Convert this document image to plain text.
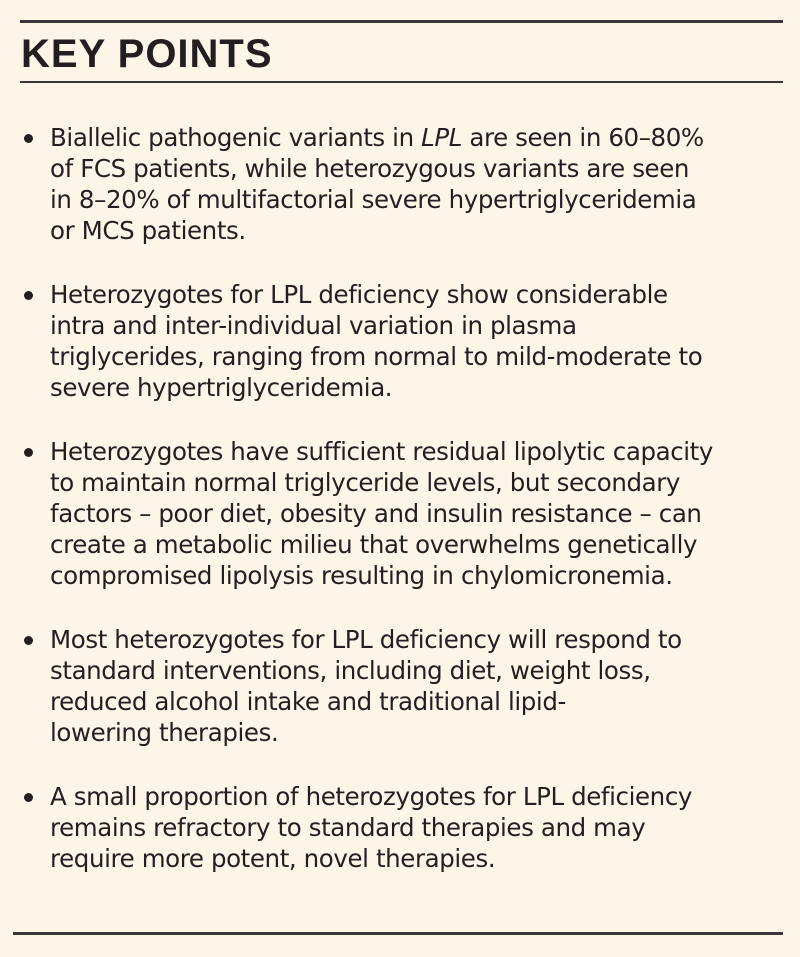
KEY POINTS
Biallelic pathogenic variants in LPL are seen in 60–80%
of FCS patients, while heterozygous variants are seen
in 8–20% of multifactorial severe hypertriglyceridemia
or MCS patients.
Heterozygotes for LPL deficiency show considerable
intra and inter-individual variation in plasma
triglycerides, ranging from normal to mild-moderate to
severe hypertriglyceridemia.
Heterozygotes have sufficient residual lipolytic capacity
to maintain normal triglyceride levels, but secondary
factors – poor diet, obesity and insulin resistance – can
create a metabolic milieu that overwhelms genetically
compromised lipolysis resulting in chylomicronemia.
Most heterozygotes for LPL deficiency will respond to
standard interventions, including diet, weight loss,
reduced alcohol intake and traditional lipid-
lowering therapies.
A small proportion of heterozygotes for LPL deficiency
remains refractory to standard therapies and may
require more potent, novel therapies.
